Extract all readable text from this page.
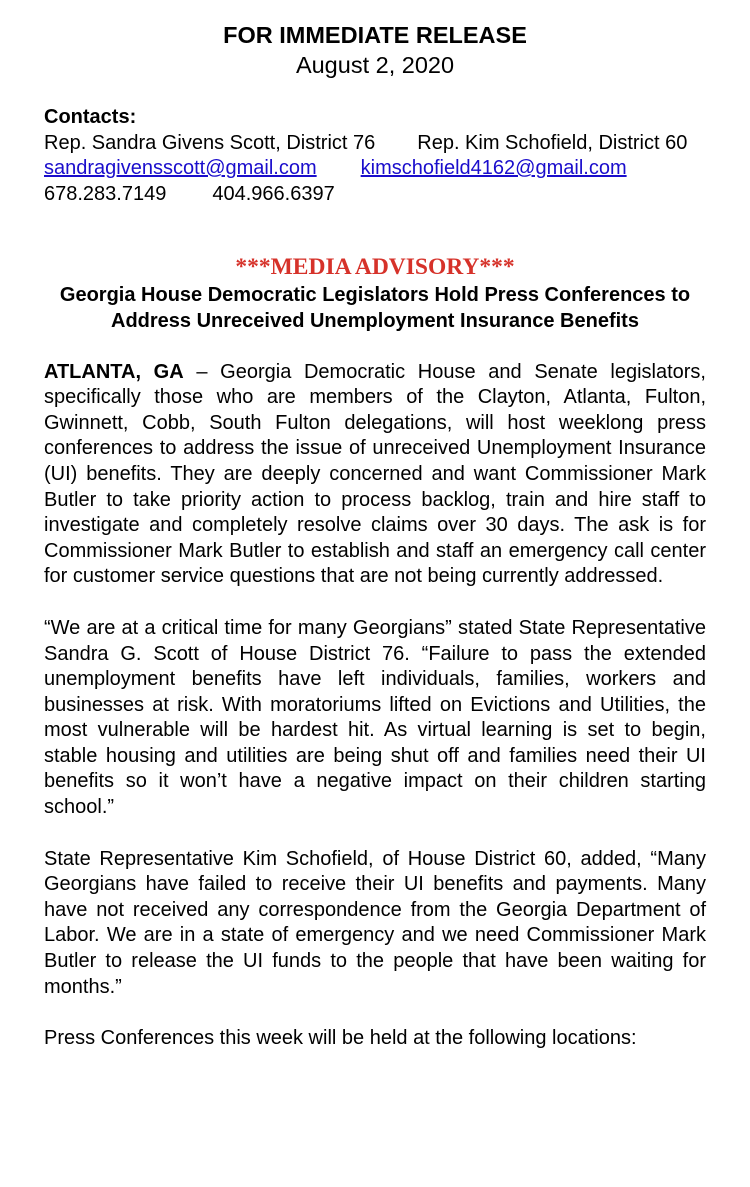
FOR IMMEDIATE RELEASE

August 2, 2020

Contacts:
Rep. Sandra Givens Scott, District 76 Rep. Kim Schofield, District 60
sandragivensscott@gmail.com kimschofield4162@gmail.com
678.283.7149 404.966.6397
***MEDIA ADVISORY***
Georgia House Democratic Legislators Hold Press Conferences to Address Unreceived Unemployment Insurance Benefits

ATLANTA, GA – Georgia Democratic House and Senate legislators, specifically those who are members of the Clayton, Atlanta, Fulton, Gwinnett, Cobb, South Fulton delegations, will host weeklong press conferences to address the issue of unreceived Unemployment Insurance (UI) benefits. They are deeply concerned and want Commissioner Mark Butler to take priority action to process backlog, train and hire staff to investigate and completely resolve claims over 30 days. The ask is for Commissioner Mark Butler to establish and staff an emergency call center for customer service questions that are not being currently addressed.

“We are at a critical time for many Georgians” stated State Representative Sandra G. Scott of House District 76. “Failure to pass the extended unemployment benefits have left individuals, families, workers and businesses at risk. With moratoriums lifted on Evictions and Utilities, the most vulnerable will be hardest hit. As virtual learning is set to begin, stable housing and utilities are being shut off and families need their UI benefits so it won’t have a negative impact on their children starting school.”

State Representative Kim Schofield, of House District 60, added, “Many Georgians have failed to receive their UI benefits and payments. Many have not received any correspondence from the Georgia Department of Labor. We are in a state of emergency and we need Commissioner Mark Butler to release the UI funds to the people that have been waiting for months.”

Press Conferences this week will be held at the following locations:
